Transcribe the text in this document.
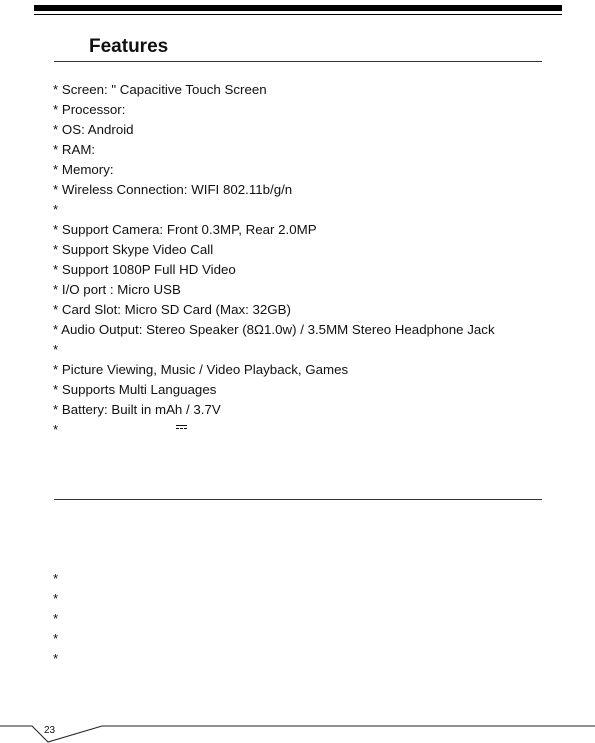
Features
* Screen: " Capacitive Touch Screen
* Processor:
* OS: Android
* RAM:
* Memory:
* Wireless Connection: WIFI 802.11b/g/n
*
* Support Camera: Front 0.3MP, Rear 2.0MP
* Support Skype Video Call
* Support 1080P Full HD Video
* I/O port : Micro USB
* Card Slot: Micro SD Card (Max: 32GB)
* Audio Output: Stereo Speaker (8Ω1.0w) / 3.5MM Stereo Headphone Jack
*
* Picture Viewing, Music / Video Playback, Games
* Supports Multi Languages
* Battery: Built in mAh / 3.7V
*
*
*
*
*
*
23
